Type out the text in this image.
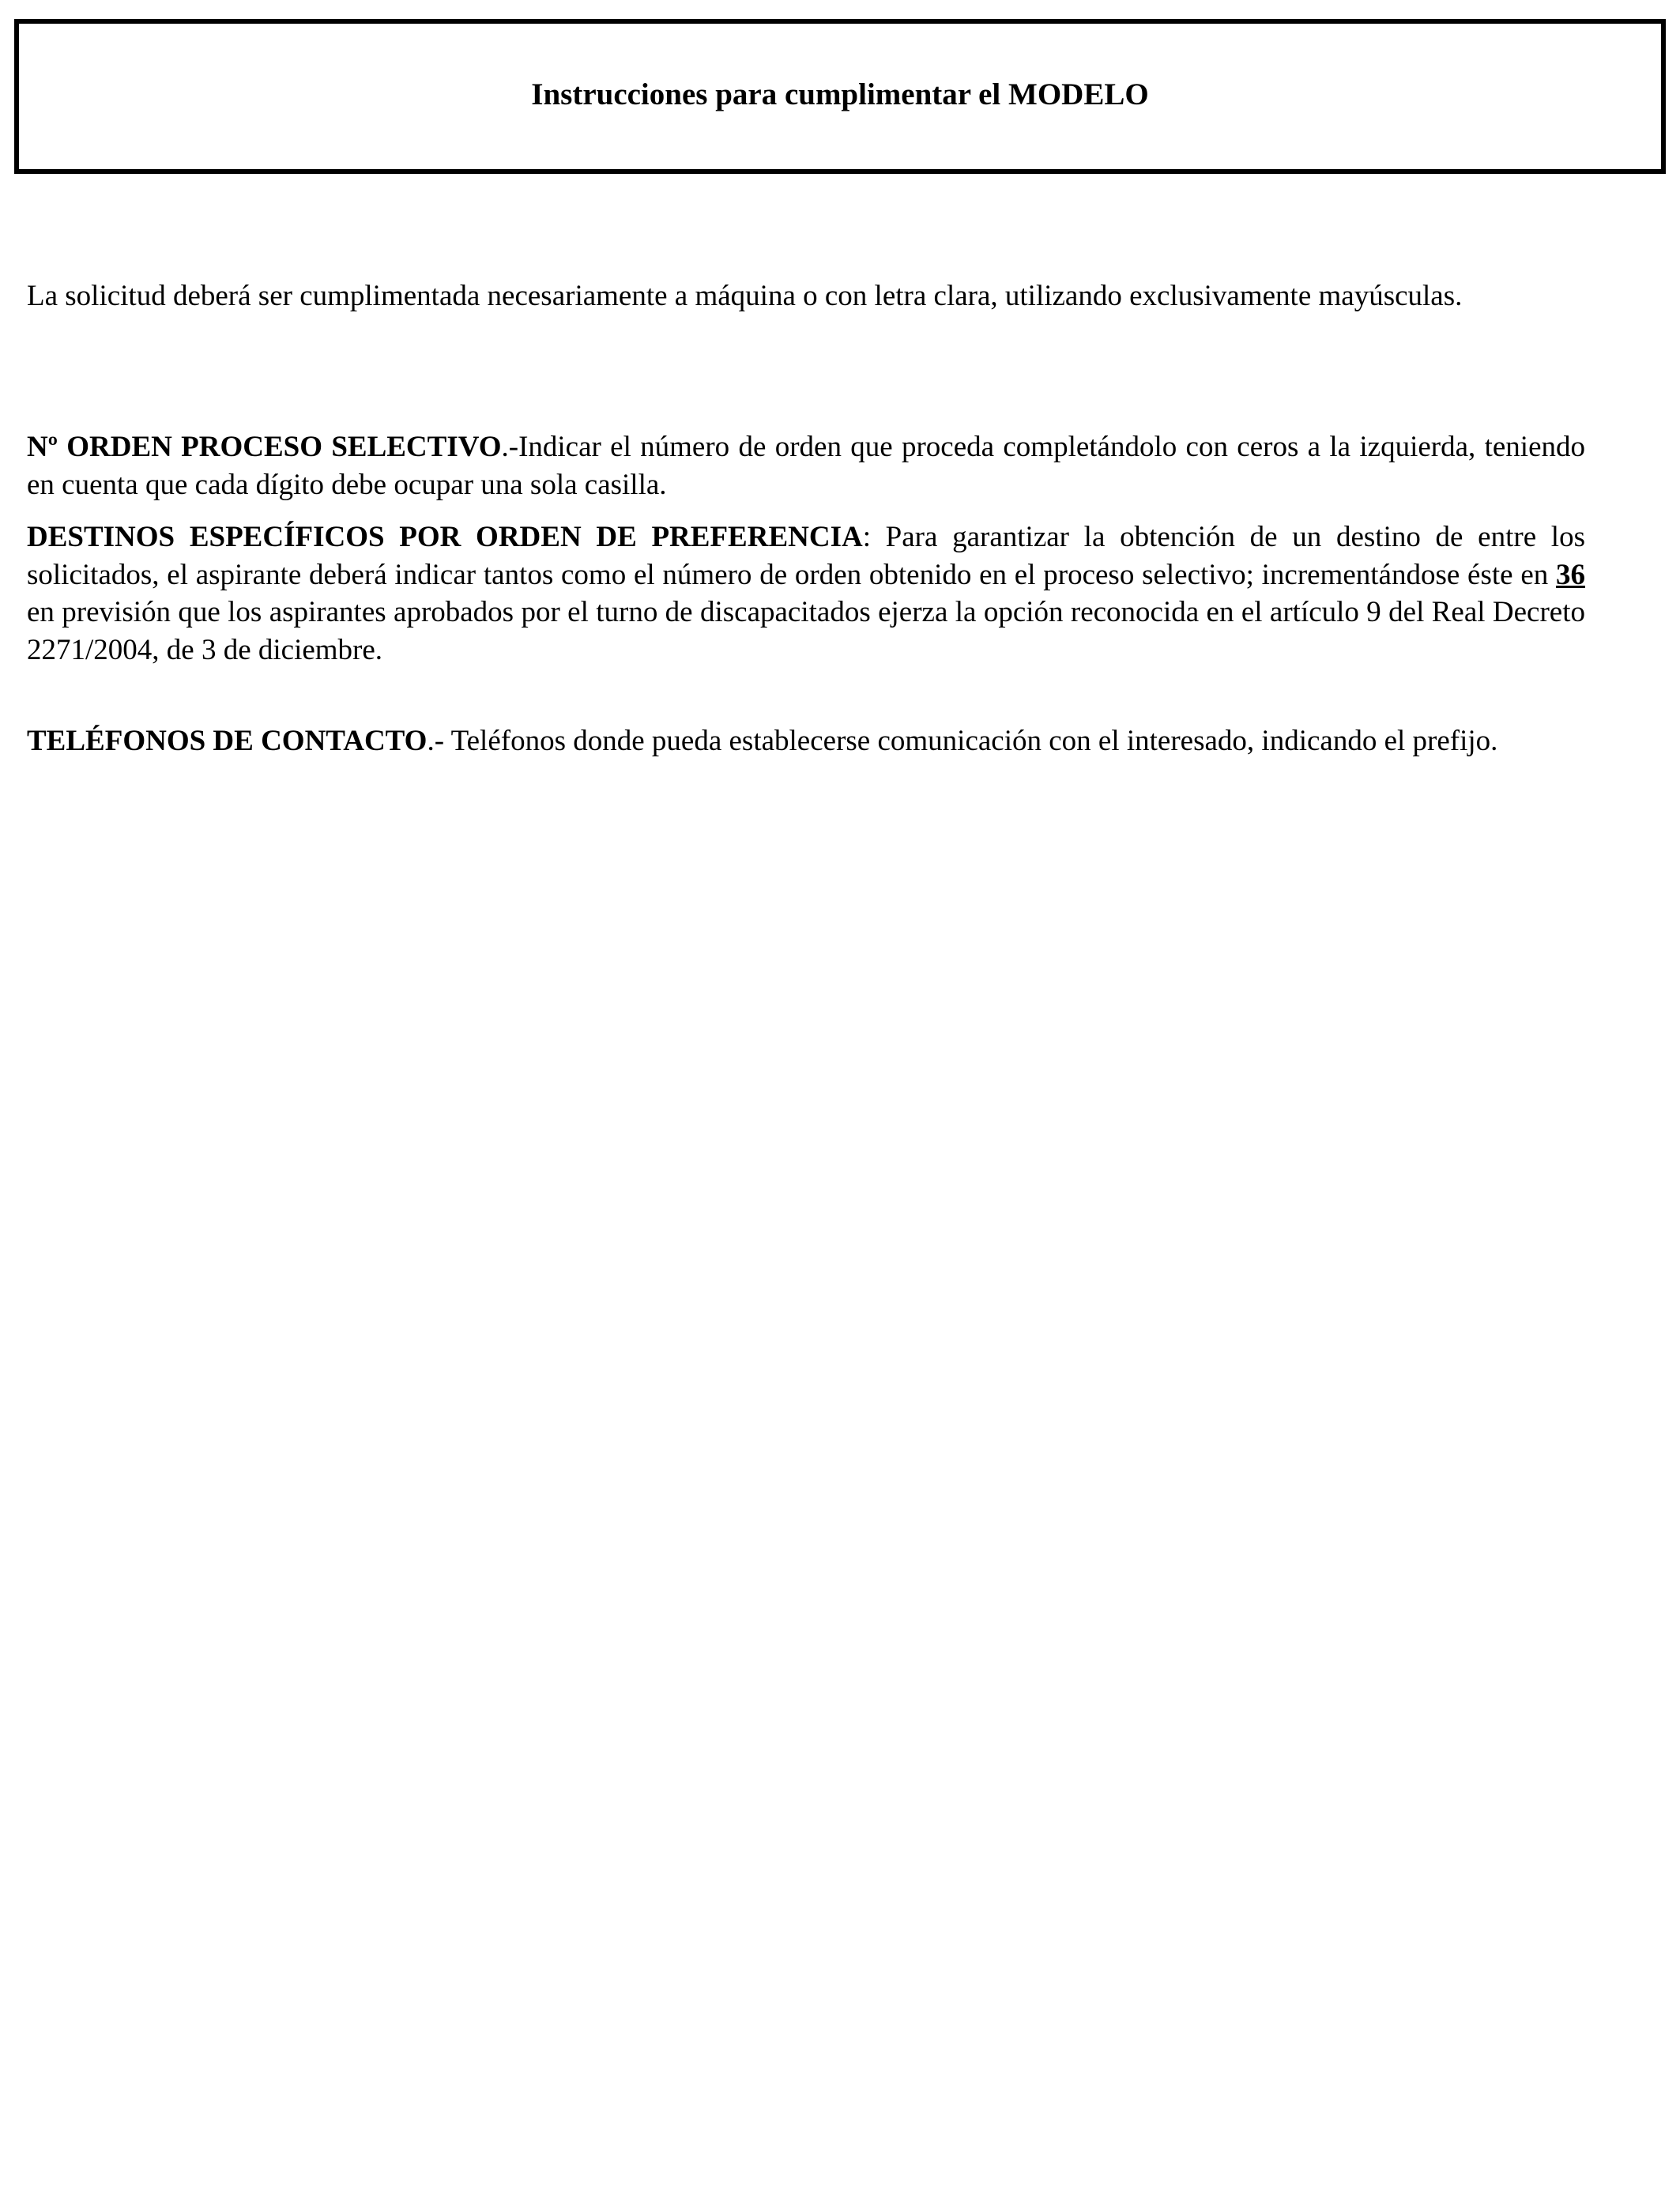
Instrucciones para cumplimentar el MODELO

La solicitud deberá ser cumplimentada necesariamente a máquina o con letra clara, utilizando exclusivamente mayúsculas.

Nº ORDEN PROCESO SELECTIVO.-Indicar el número de orden que proceda completándolo con ceros a la izquierda, teniendo en cuenta que cada dígito debe ocupar una sola casilla.

DESTINOS ESPECÍFICOS POR ORDEN DE PREFERENCIA: Para garantizar la obtención de un destino de entre los solicitados, el aspirante deberá indicar tantos como el número de orden obtenido en el proceso selectivo; incrementándose éste en 36 en previsión que los aspirantes aprobados por el turno de discapacitados ejerza la opción reconocida en el artículo 9 del Real Decreto 2271/2004, de 3 de diciembre.

TELÉFONOS DE CONTACTO.- Teléfonos donde pueda establecerse comunicación con el interesado, indicando el prefijo.
